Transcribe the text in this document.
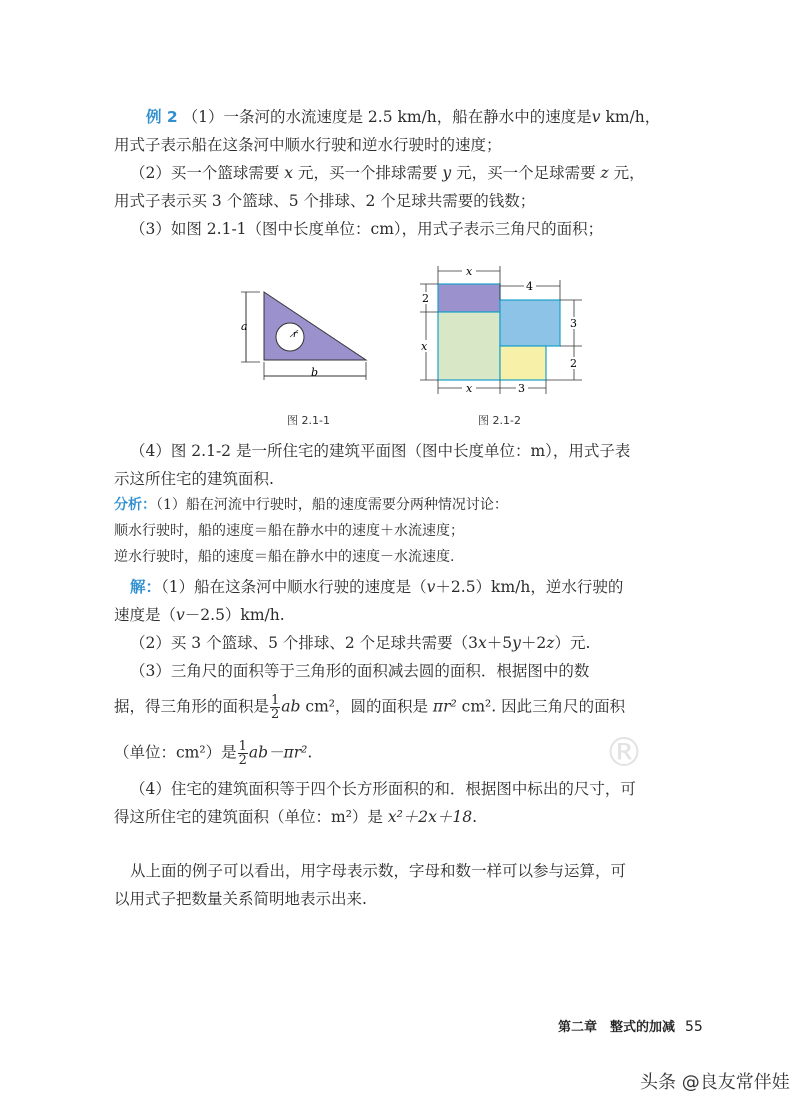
例 2 （1）一条河的水流速度是 2.5 km/h，船在静水中的速度是v km/h，
用式子表示船在这条河中顺水行驶和逆水行驶时的速度；
（2）买一个篮球需要 x 元，买一个排球需要 y 元，买一个足球需要 z 元，
用式子表示买 3 个篮球、5 个排球、2 个足球共需要的钱数；
（3）如图 2.1-1（图中长度单位：cm），用式子表示三角尺的面积；
a
r
b
图 2.1-1
x
4
2
x
3
2
x	3
图 2.1-2
（4）图 2.1-2 是一所住宅的建筑平面图（图中长度单位：m），用式子表
示这所住宅的建筑面积.
分析：（1）船在河流中行驶时，船的速度需要分两种情况讨论：
顺水行驶时，船的速度＝船在静水中的速度＋水流速度；
逆水行驶时，船的速度＝船在静水中的速度－水流速度.
解：（1）船在这条河中顺水行驶的速度是（v＋2.5）km/h，逆水行驶的
速度是（v－2.5）km/h.
（2）买 3 个篮球、5 个排球、2 个足球共需要（3x＋5y＋2z）元.
（3）三角尺的面积等于三角形的面积减去圆的面积．根据图中的数
据，得三角形的面积是 $\frac{1}{2}$ ab cm²，圆的面积是 πr² cm². 因此三角尺的面积
（单位：cm²）是 $\frac{1}{2} ab-\pi r^2$.
（4）住宅的建筑面积等于四个长方形面积的和．根据图中标出的尺寸，可
得这所住宅的建筑面积（单位：m²）是 x²＋2x＋18.
从上面的例子可以看出，用字母表示数，字母和数一样可以参与运算，可
以用式子把数量关系简明地表示出来.
®
第二章　整式的加减 55
头条 @良友常伴娃
